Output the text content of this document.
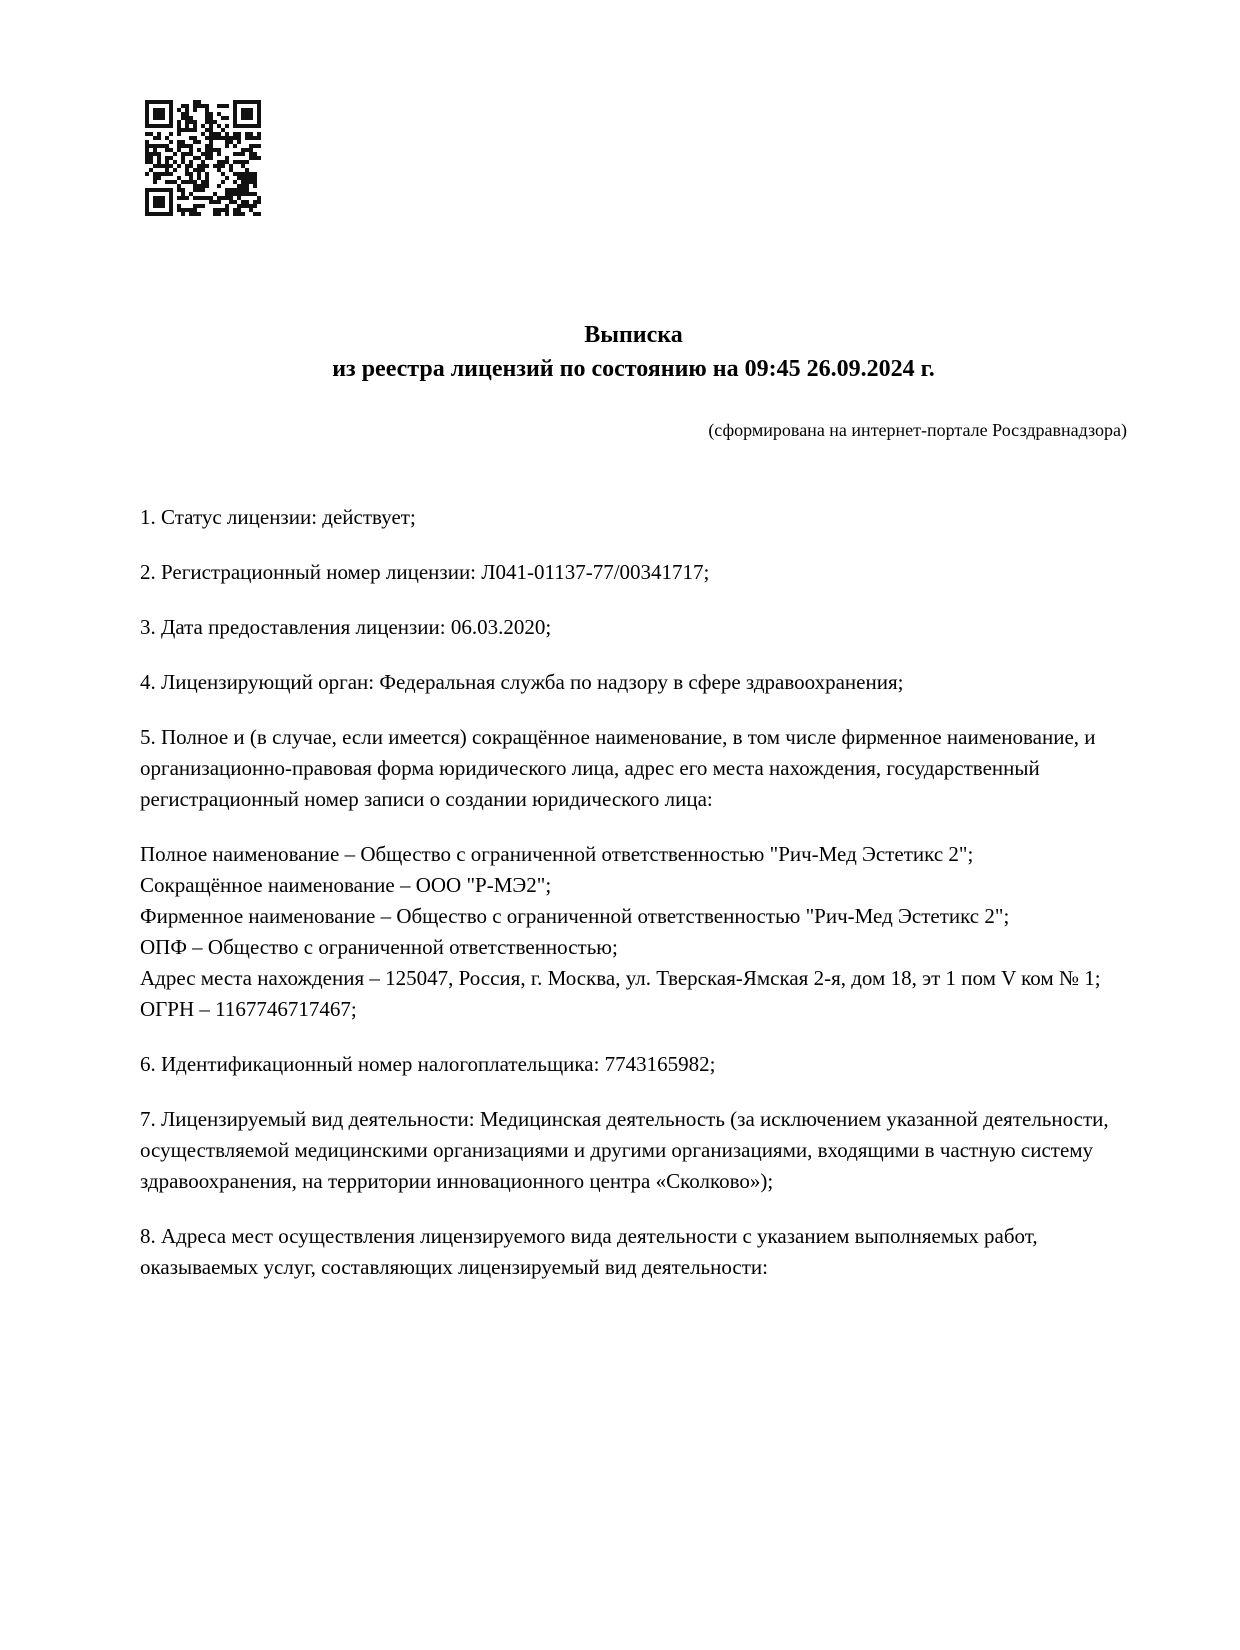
Выписка
из реестра лицензий по состоянию на 09:45 26.09.2024 г.
(сформирована на интернет-портале Росздравнадзора)

1. Статус лицензии: действует;

2. Регистрационный номер лицензии: Л041-01137-77/00341717;

3. Дата предоставления лицензии: 06.03.2020;

4. Лицензирующий орган: Федеральная служба по надзору в сфере здравоохранения;

5. Полное и (в случае, если имеется) сокращённое наименование, в том числе фирменное наименование, и организационно-правовая форма юридического лица, адрес его места нахождения, государственный регистрационный номер записи о создании юридического лица:

Полное наименование – Общество с ограниченной ответственностью "Рич-Мед Эстетикс 2";
Сокращённое наименование – ООО "Р-МЭ2";
Фирменное наименование – Общество с ограниченной ответственностью "Рич-Мед Эстетикс 2";
ОПФ – Общество с ограниченной ответственностью;
Адрес места нахождения – 125047, Россия, г. Москва, ул. Тверская-Ямская 2-я, дом 18, эт 1 пом V ком № 1;
ОГРН – 1167746717467;

6. Идентификационный номер налогоплательщика: 7743165982;

7. Лицензируемый вид деятельности: Медицинская деятельность (за исключением указанной деятельности, осуществляемой медицинскими организациями и другими организациями, входящими в частную систему здравоохранения, на территории инновационного центра «Сколково»);

8. Адреса мест осуществления лицензируемого вида деятельности с указанием выполняемых работ, оказываемых услуг, составляющих лицензируемый вид деятельности:
